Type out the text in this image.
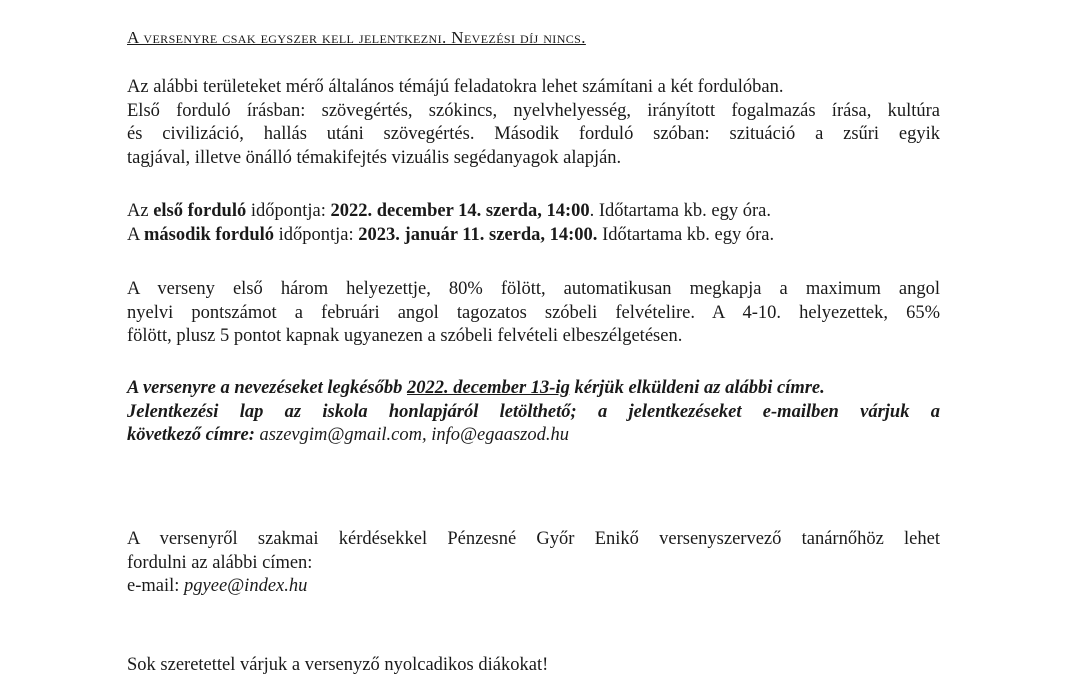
A versenyre csak egyszer kell jelentkezni. Nevezési díj nincs.
Az alábbi területeket mérő általános témájú feladatokra lehet számítani a két fordulóban.
Első forduló írásban: szövegértés, szókincs, nyelvhelyesség, irányított fogalmazás írása, kultúra
és civilizáció, hallás utáni szövegértés. Második forduló szóban: szituáció a zsűri egyik
tagjával, illetve önálló témakifejtés vizuális segédanyagok alapján.
Az első forduló időpontja: 2022. december 14. szerda, 14:00. Időtartama kb. egy óra.
A második forduló időpontja: 2023. január 11. szerda, 14:00. Időtartama kb. egy óra.
A verseny első három helyezettje, 80% fölött, automatikusan megkapja a maximum angol
nyelvi pontszámot a februári angol tagozatos szóbeli felvételire. A 4-10. helyezettek, 65%
fölött, plusz 5 pontot kapnak ugyanezen a szóbeli felvételi elbeszélgetésen.
A versenyre a nevezéseket legkésőbb 2022. december 13-ig kérjük elküldeni az alábbi címre.
Jelentkezési lap az iskola honlapjáról letölthető; a jelentkezéseket e-mailben várjuk a
következő címre: aszevgim@gmail.com, info@egaaszod.hu
A versenyről szakmai kérdésekkel Pénzesné Győr Enikő versenyszervező tanárnőhöz lehet
fordulni az alábbi címen:
e-mail: pgyee@index.hu
Sok szeretettel várjuk a versenyző nyolcadikos diákokat!
